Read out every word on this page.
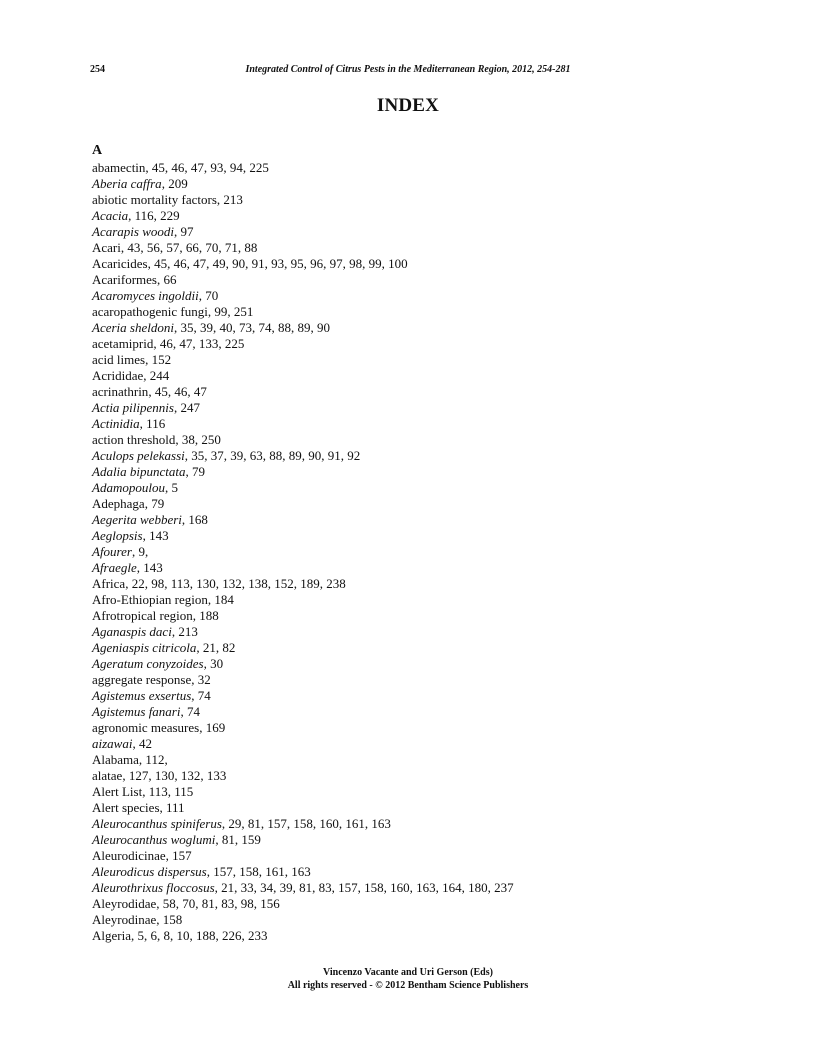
254	Integrated Control of Citrus Pests in the Mediterranean Region, 2012, 254-281
INDEX
A
abamectin, 45, 46, 47, 93, 94, 225
Aberia caffra, 209
abiotic mortality factors, 213
Acacia, 116, 229
Acarapis woodi, 97
Acari, 43, 56, 57, 66, 70, 71, 88
Acaricides, 45, 46, 47, 49, 90, 91, 93, 95, 96, 97, 98, 99, 100
Acariformes, 66
Acaromyces ingoldii, 70
acaropathogenic fungi, 99, 251
Aceria sheldoni, 35, 39, 40, 73, 74, 88, 89, 90
acetamiprid, 46, 47, 133, 225
acid limes, 152
Acrididae, 244
acrinathrin, 45, 46, 47
Actia pilipennis, 247
Actinidia, 116
action threshold, 38, 250
Aculops pelekassi, 35, 37, 39, 63, 88, 89, 90, 91, 92
Adalia bipunctata, 79
Adamopoulou, 5
Adephaga, 79
Aegerita webberi, 168
Aeglopsis, 143
Afourer, 9,
Afraegle, 143
Africa, 22, 98, 113, 130, 132, 138, 152, 189, 238
Afro-Ethiopian region, 184
Afrotropical region, 188
Aganaspis daci, 213
Ageniaspis citricola, 21, 82
Ageratum conyzoides, 30
aggregate response, 32
Agistemus exsertus, 74
Agistemus fanari, 74
agronomic measures, 169
aizawai, 42
Alabama, 112,
alatae, 127, 130, 132, 133
Alert List, 113, 115
Alert species, 111
Aleurocanthus spiniferus, 29, 81, 157, 158, 160, 161, 163
Aleurocanthus woglumi, 81, 159
Aleurodicinae, 157
Aleurodicus dispersus, 157, 158, 161, 163
Aleurothrixus floccosus, 21, 33, 34, 39, 81, 83, 157, 158, 160, 163, 164, 180, 237
Aleyrodidae, 58, 70, 81, 83, 98, 156
Aleyrodinae, 158
Algeria, 5, 6, 8, 10, 188, 226, 233
Vincenzo Vacante and Uri Gerson (Eds)
All rights reserved - © 2012 Bentham Science Publishers
